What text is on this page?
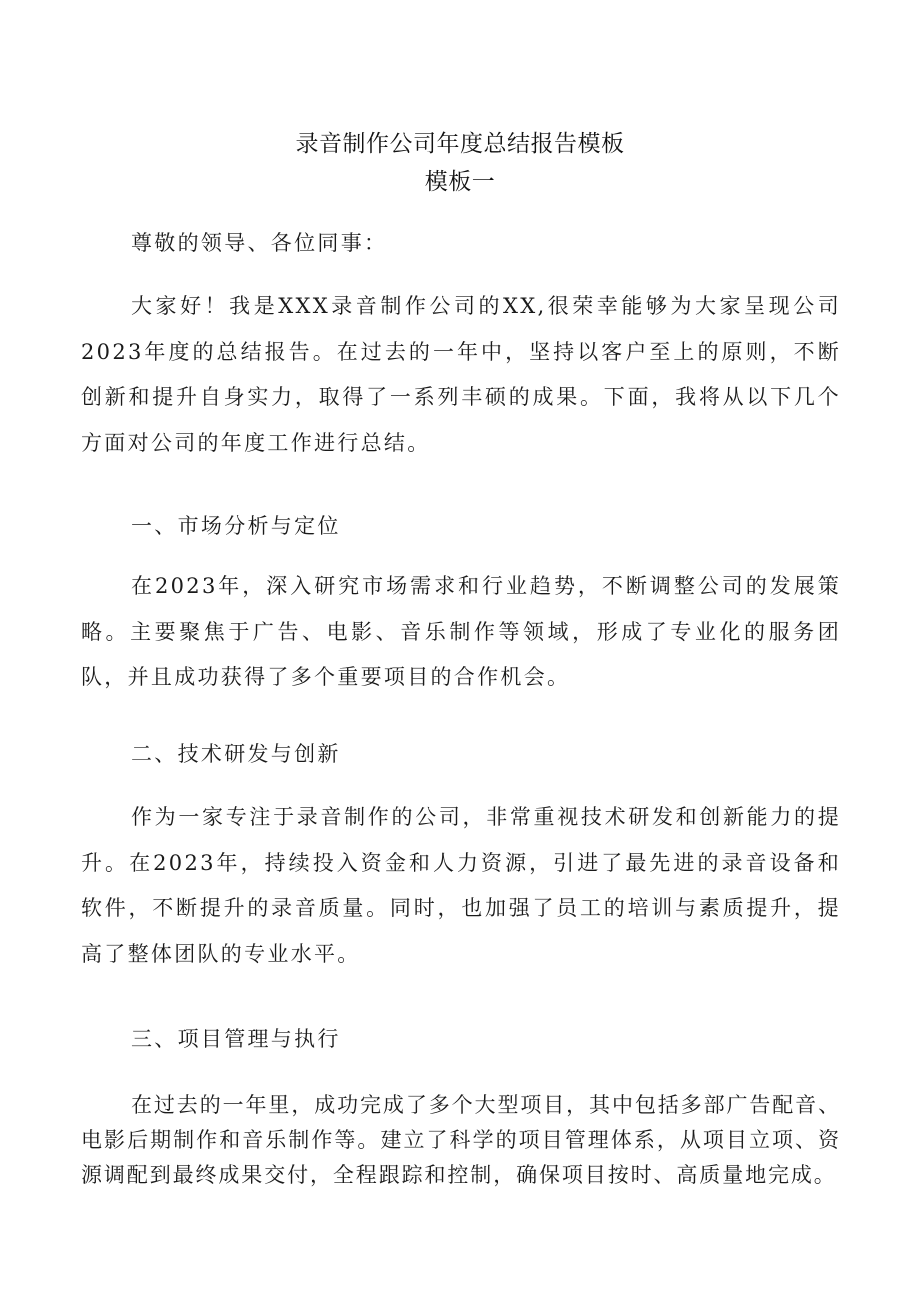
录音制作公司年度总结报告模板
模板一
尊敬的领导、各位同事：
大家好！我是XXX录音制作公司的XX,很荣幸能够为大家呈现公司2023年度的总结报告。在过去的一年中，坚持以客户至上的原则，不断创新和提升自身实力，取得了一系列丰硕的成果。下面，我将从以下几个方面对公司的年度工作进行总结。
一、市场分析与定位
在2023年，深入研究市场需求和行业趋势，不断调整公司的发展策略。主要聚焦于广告、电影、音乐制作等领域，形成了专业化的服务团队，并且成功获得了多个重要项目的合作机会。
二、技术研发与创新
作为一家专注于录音制作的公司，非常重视技术研发和创新能力的提升。在2023年，持续投入资金和人力资源，引进了最先进的录音设备和软件，不断提升的录音质量。同时，也加强了员工的培训与素质提升，提高了整体团队的专业水平。
三、项目管理与执行
在过去的一年里，成功完成了多个大型项目，其中包括多部广告配音、电影后期制作和音乐制作等。建立了科学的项目管理体系，从项目立项、资源调配到最终成果交付，全程跟踪和控制，确保项目按时、高质量地完成。
